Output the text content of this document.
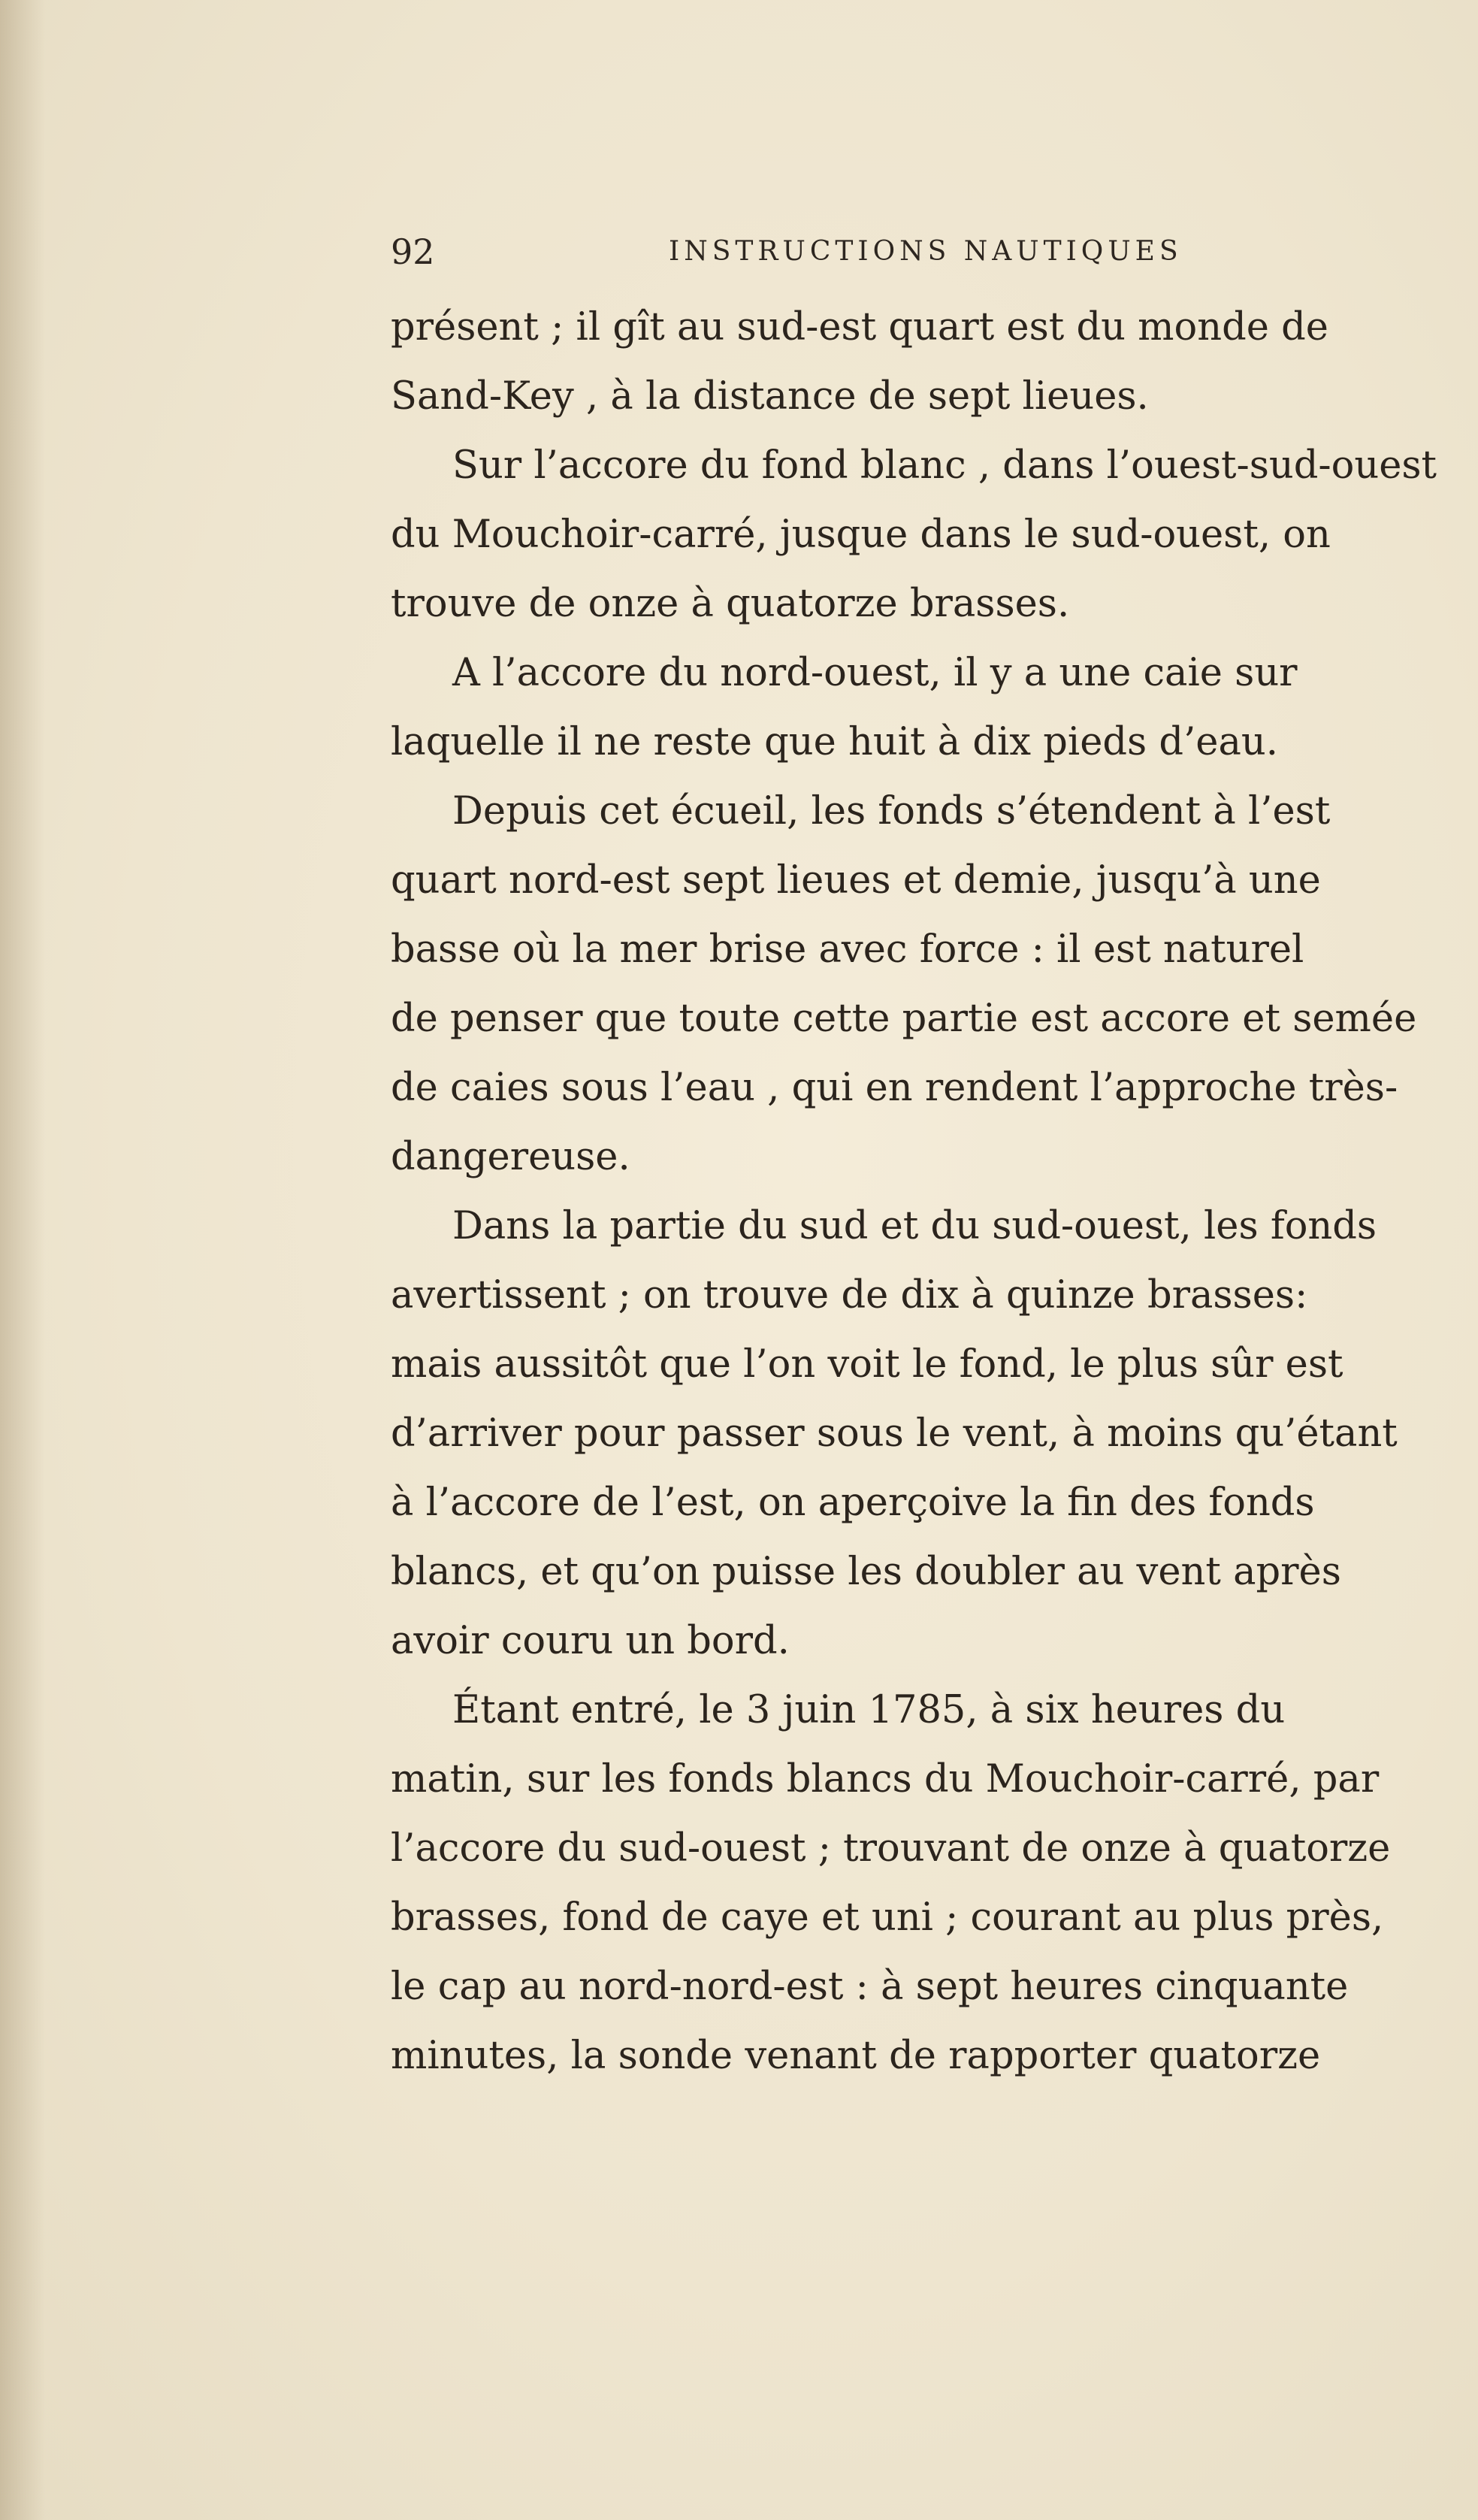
92	INSTRUCTIONS NAUTIQUES
présent ; il gît au sud-est quart est du monde de
Sand-Key , à la distance de sept lieues.
Sur l’accore du fond blanc , dans l’ouest-sud-ouest
du Mouchoir-carré, jusque dans le sud-ouest, on
trouve de onze à quatorze brasses.
A l’accore du nord-ouest, il y a une caie sur
laquelle il ne reste que huit à dix pieds d’eau.
Depuis cet écueil, les fonds s’étendent à l’est
quart nord-est sept lieues et demie, jusqu’à une
basse où la mer brise avec force : il est naturel
de penser que toute cette partie est accore et semée
de caies sous l’eau , qui en rendent l’approche très-
dangereuse.
Dans la partie du sud et du sud-ouest, les fonds
avertissent ; on trouve de dix à quinze brasses:
mais aussitôt que l’on voit le fond, le plus sûr est
d’arriver pour passer sous le vent, à moins qu’étant
à l’accore de l’est, on aperçoive la fin des fonds
blancs, et qu’on puisse les doubler au vent après
avoir couru un bord.
Étant entré, le 3 juin 1785, à six heures du
matin, sur les fonds blancs du Mouchoir-carré, par
l’accore du sud-ouest ; trouvant de onze à quatorze
brasses, fond de caye et uni ; courant au plus près,
le cap au nord-nord-est : à sept heures cinquante
minutes, la sonde venant de rapporter quatorze
